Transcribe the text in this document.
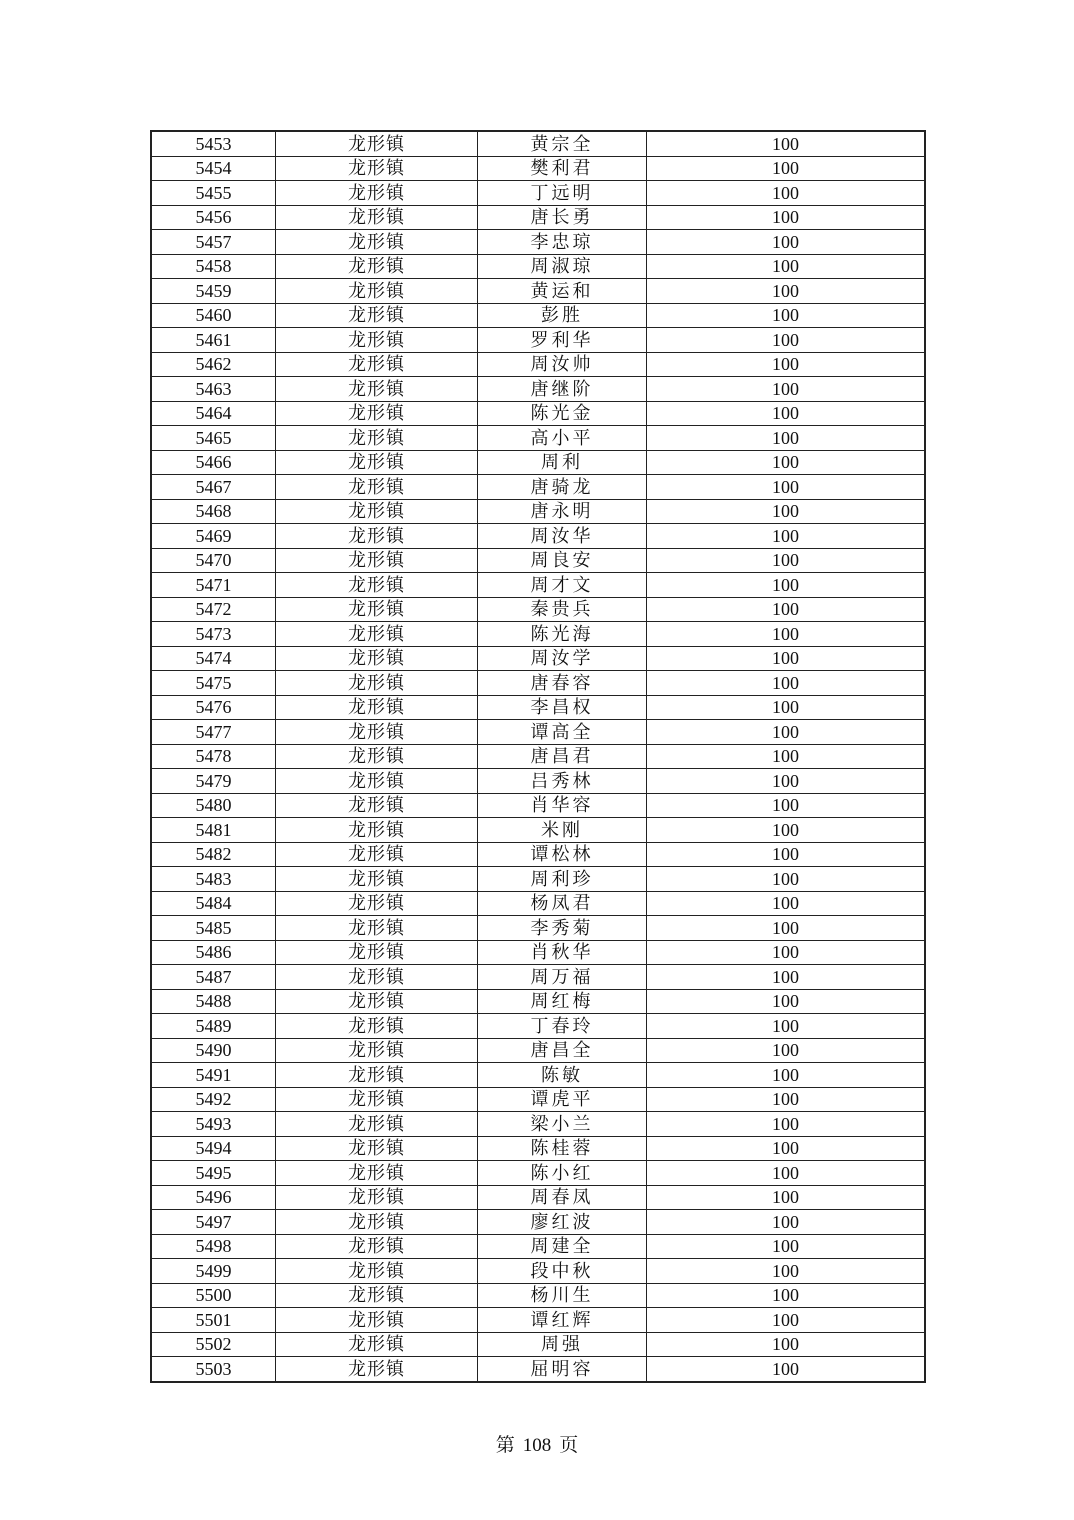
5453	龙形镇	黄宗全	100
5454	龙形镇	樊利君	100
5455	龙形镇	丁远明	100
5456	龙形镇	唐长勇	100
5457	龙形镇	李忠琼	100
5458	龙形镇	周淑琼	100
5459	龙形镇	黄运和	100
5460	龙形镇	彭胜	100
5461	龙形镇	罗利华	100
5462	龙形镇	周汝帅	100
5463	龙形镇	唐继阶	100
5464	龙形镇	陈光金	100
5465	龙形镇	高小平	100
5466	龙形镇	周利	100
5467	龙形镇	唐骑龙	100
5468	龙形镇	唐永明	100
5469	龙形镇	周汝华	100
5470	龙形镇	周良安	100
5471	龙形镇	周才文	100
5472	龙形镇	秦贵兵	100
5473	龙形镇	陈光海	100
5474	龙形镇	周汝学	100
5475	龙形镇	唐春容	100
5476	龙形镇	李昌权	100
5477	龙形镇	谭高全	100
5478	龙形镇	唐昌君	100
5479	龙形镇	吕秀林	100
5480	龙形镇	肖华容	100
5481	龙形镇	米刚	100
5482	龙形镇	谭松林	100
5483	龙形镇	周利珍	100
5484	龙形镇	杨凤君	100
5485	龙形镇	李秀菊	100
5486	龙形镇	肖秋华	100
5487	龙形镇	周万福	100
5488	龙形镇	周红梅	100
5489	龙形镇	丁春玲	100
5490	龙形镇	唐昌全	100
5491	龙形镇	陈敏	100
5492	龙形镇	谭虎平	100
5493	龙形镇	梁小兰	100
5494	龙形镇	陈桂蓉	100
5495	龙形镇	陈小红	100
5496	龙形镇	周春凤	100
5497	龙形镇	廖红波	100
5498	龙形镇	周建全	100
5499	龙形镇	段中秋	100
5500	龙形镇	杨川生	100
5501	龙形镇	谭红辉	100
5502	龙形镇	周强	100
5503	龙形镇	屈明容	100
第 108 页
